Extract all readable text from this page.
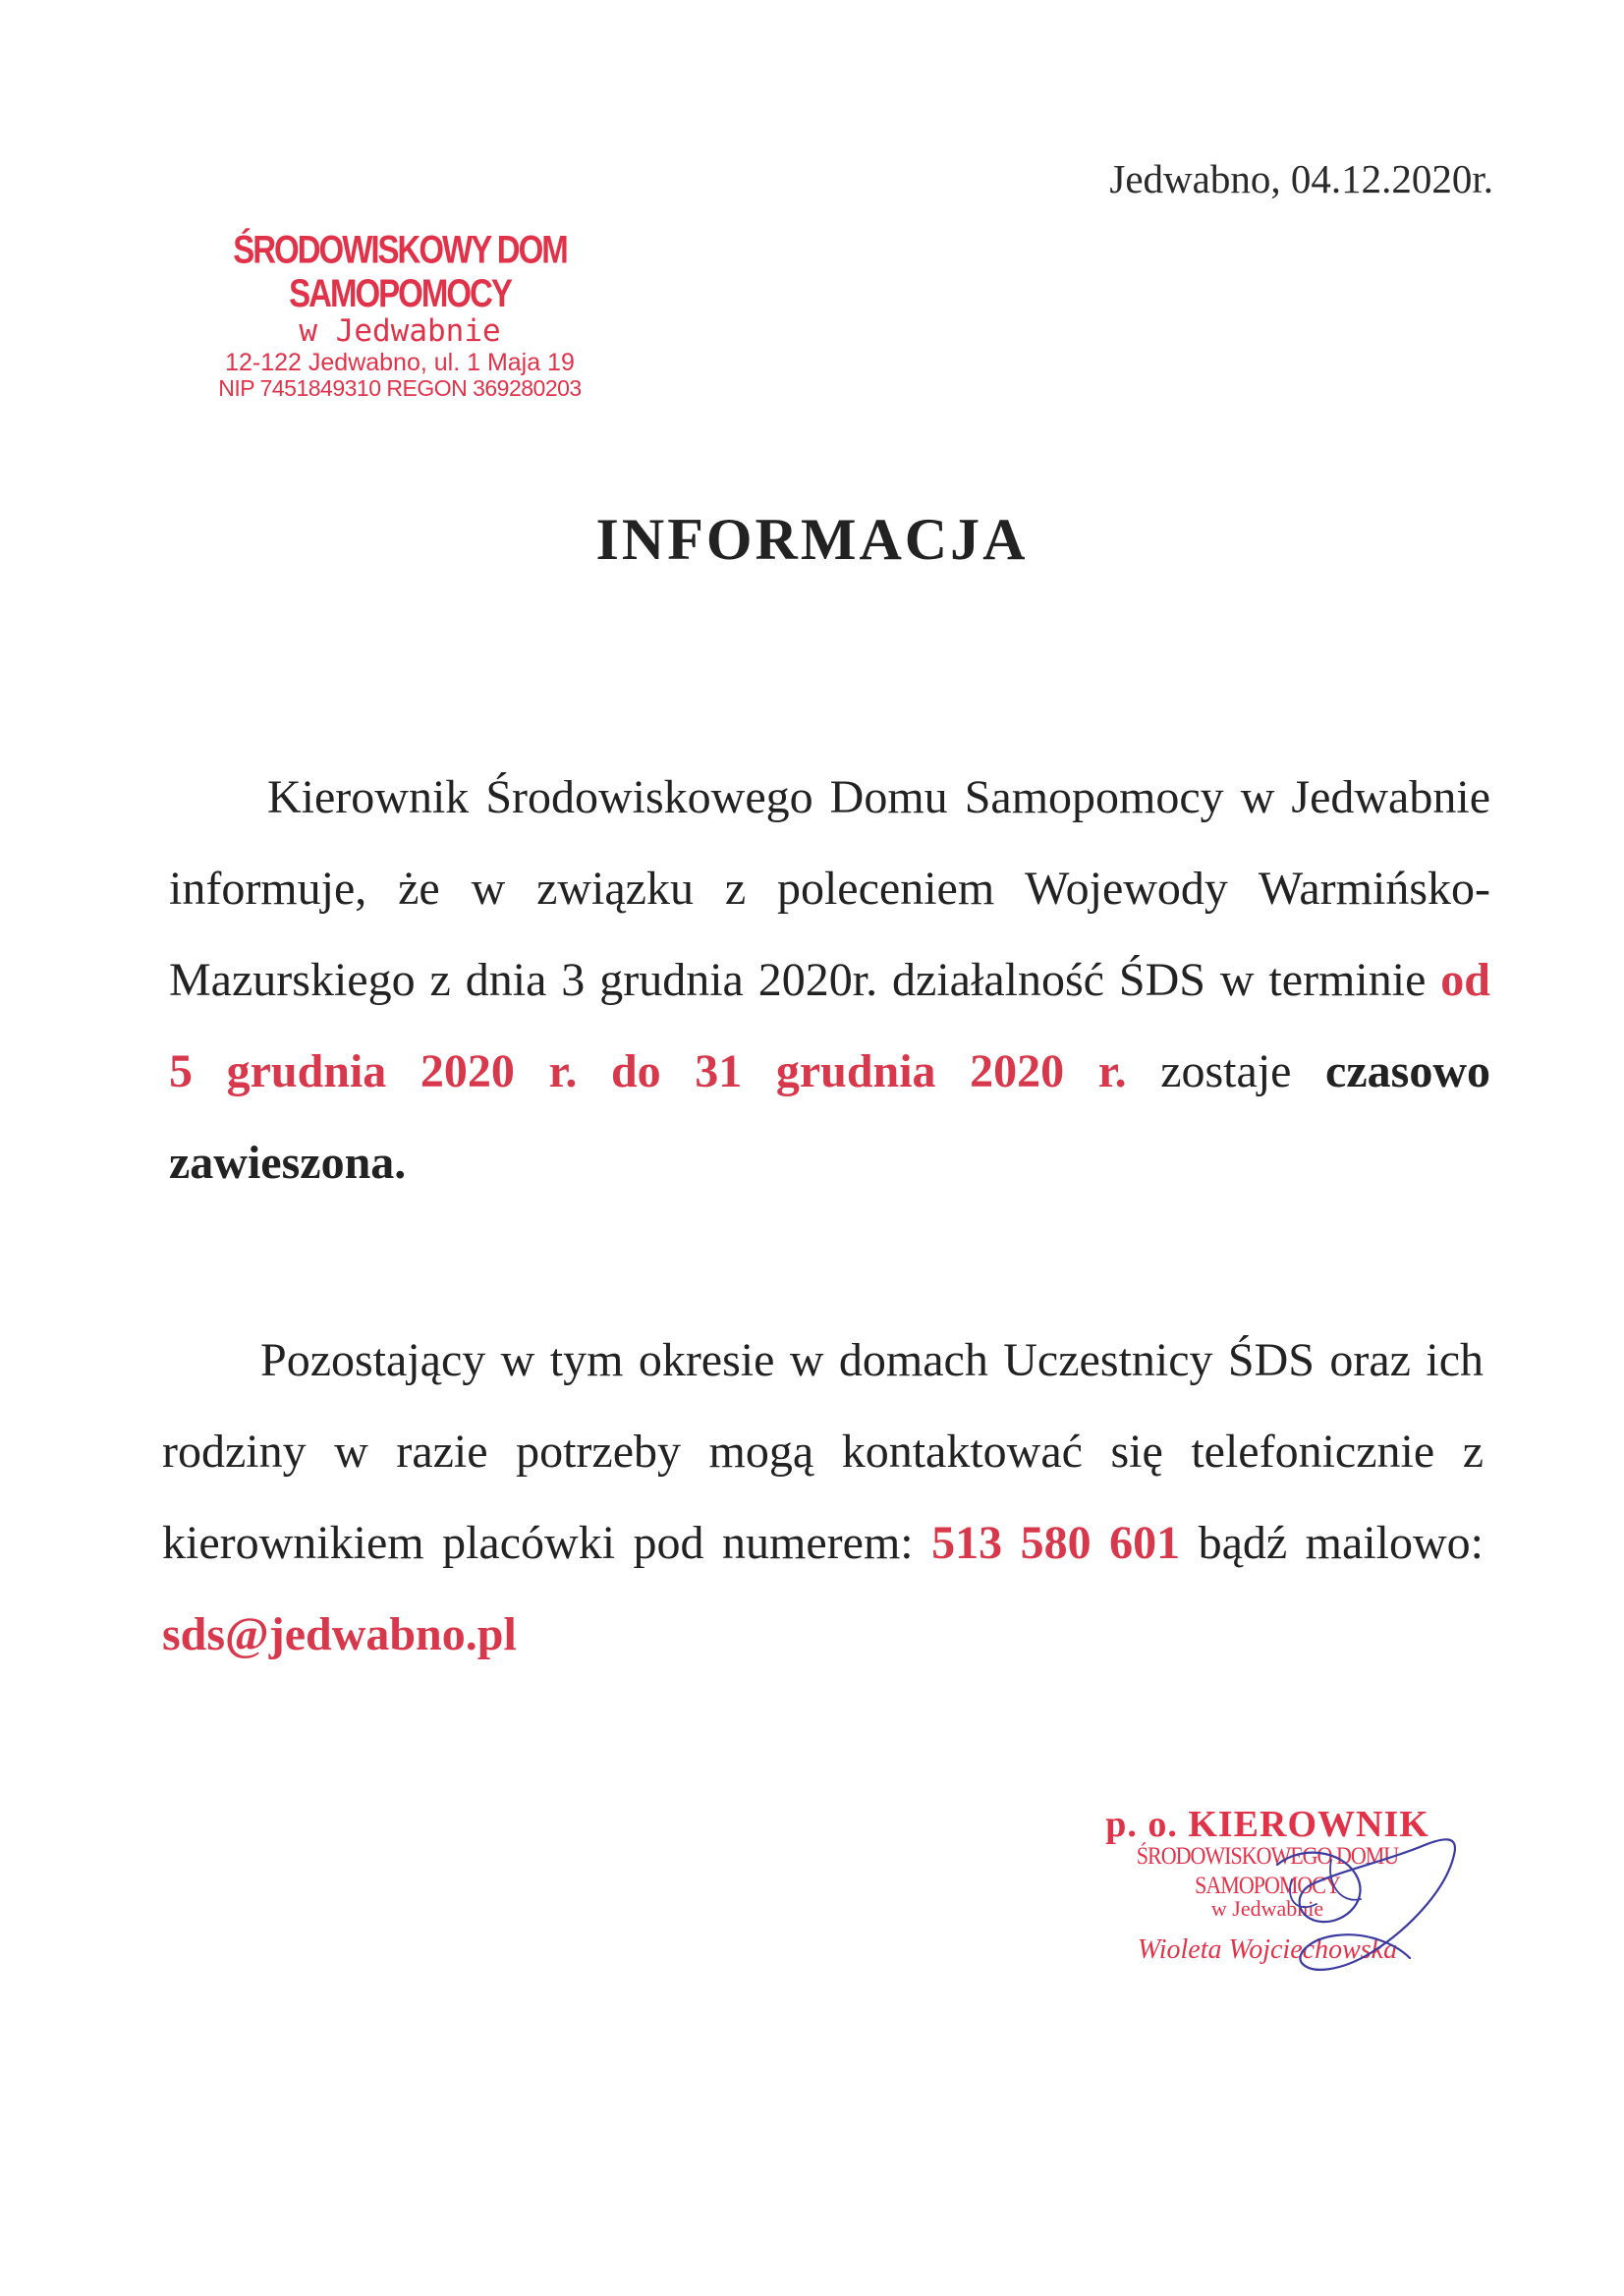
Jedwabno, 04.12.2020r.
ŚRODOWISKOWY DOM SAMOPOMOCY
w Jedwabnie
12-122 Jedwabno, ul. 1 Maja 19
NIP 7451849310 REGON 369280203
INFORMACJA
Kierownik Środowiskowego Domu Samopomocy w Jedwabnie informuje, że w związku z poleceniem Wojewody Warmińsko-Mazurskiego z dnia 3 grudnia 2020r. działalność ŚDS w terminie od 5 grudnia 2020 r. do 31 grudnia 2020 r. zostaje czasowo zawieszona.
Pozostający w tym okresie w domach Uczestnicy ŚDS oraz ich rodziny w razie potrzeby mogą kontaktować się telefonicznie z kierownikiem placówki pod numerem: 513 580 601 bądź mailowo: sds@jedwabno.pl
p. o. KIEROWNIK
ŚRODOWISKOWEGO DOMU SAMOPOMOCY
w Jedwabnie
Wioleta Wojciechowska
